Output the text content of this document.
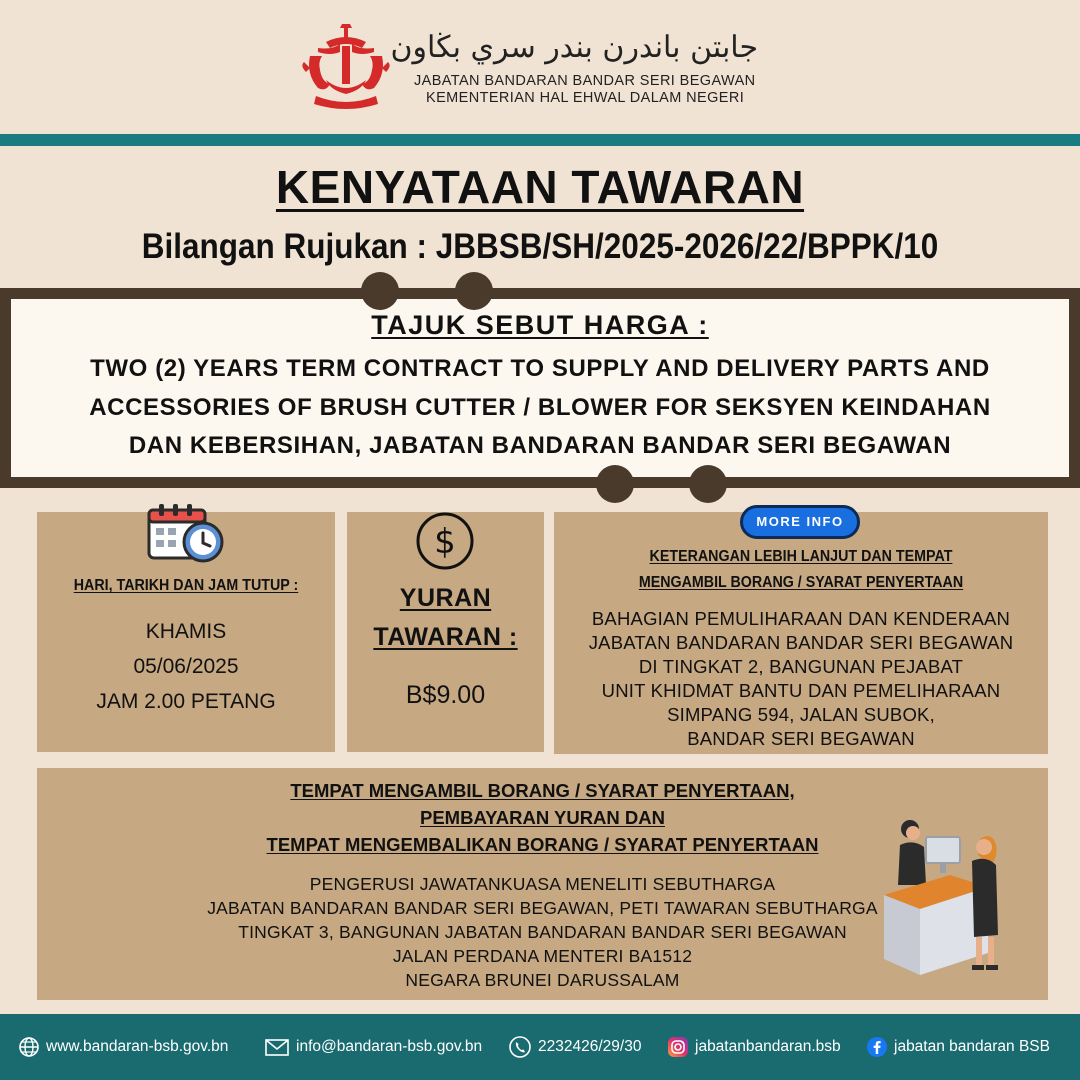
جابتن باندرن بندر سري بڬاون
JABATAN BANDARAN BANDAR SERI BEGAWAN
KEMENTERIAN HAL EHWAL DALAM NEGERI
KENYATAAN TAWARAN
Bilangan Rujukan : JBBSB/SH/2025-2026/22/BPPK/10
TAJUK SEBUT HARGA :
TWO (2) YEARS TERM CONTRACT TO SUPPLY AND DELIVERY PARTS AND
ACCESSORIES OF BRUSH CUTTER / BLOWER FOR SEKSYEN KEINDAHAN
DAN KEBERSIHAN, JABATAN BANDARAN BANDAR SERI BEGAWAN
HARI, TARIKH DAN JAM TUTUP :
KHAMIS
05/06/2025
JAM 2.00 PETANG
$
YURAN
TAWARAN :
B$9.00
MORE INFO
KETERANGAN LEBIH LANJUT DAN TEMPAT
MENGAMBIL BORANG / SYARAT PENYERTAAN
BAHAGIAN PEMULIHARAAN DAN KENDERAAN
JABATAN BANDARAN BANDAR SERI BEGAWAN
DI TINGKAT 2, BANGUNAN PEJABAT
UNIT KHIDMAT BANTU DAN PEMELIHARAAN
SIMPANG 594, JALAN SUBOK,
BANDAR SERI BEGAWAN
TEMPAT MENGAMBIL BORANG / SYARAT PENYERTAAN,
PEMBAYARAN YURAN DAN
TEMPAT MENGEMBALIKAN BORANG / SYARAT PENYERTAAN
PENGERUSI JAWATANKUASA MENELITI SEBUTHARGA
JABATAN BANDARAN BANDAR SERI BEGAWAN, PETI TAWARAN SEBUTHARGA
TINGKAT 3, BANGUNAN JABATAN BANDARAN BANDAR SERI BEGAWAN
JALAN PERDANA MENTERI BA1512
NEGARA BRUNEI DARUSSALAM
www.bandaran-bsb.gov.bn	info@bandaran-bsb.gov.bn	2232426/29/30	jabatanbandaran.bsb	jabatan bandaran BSB
